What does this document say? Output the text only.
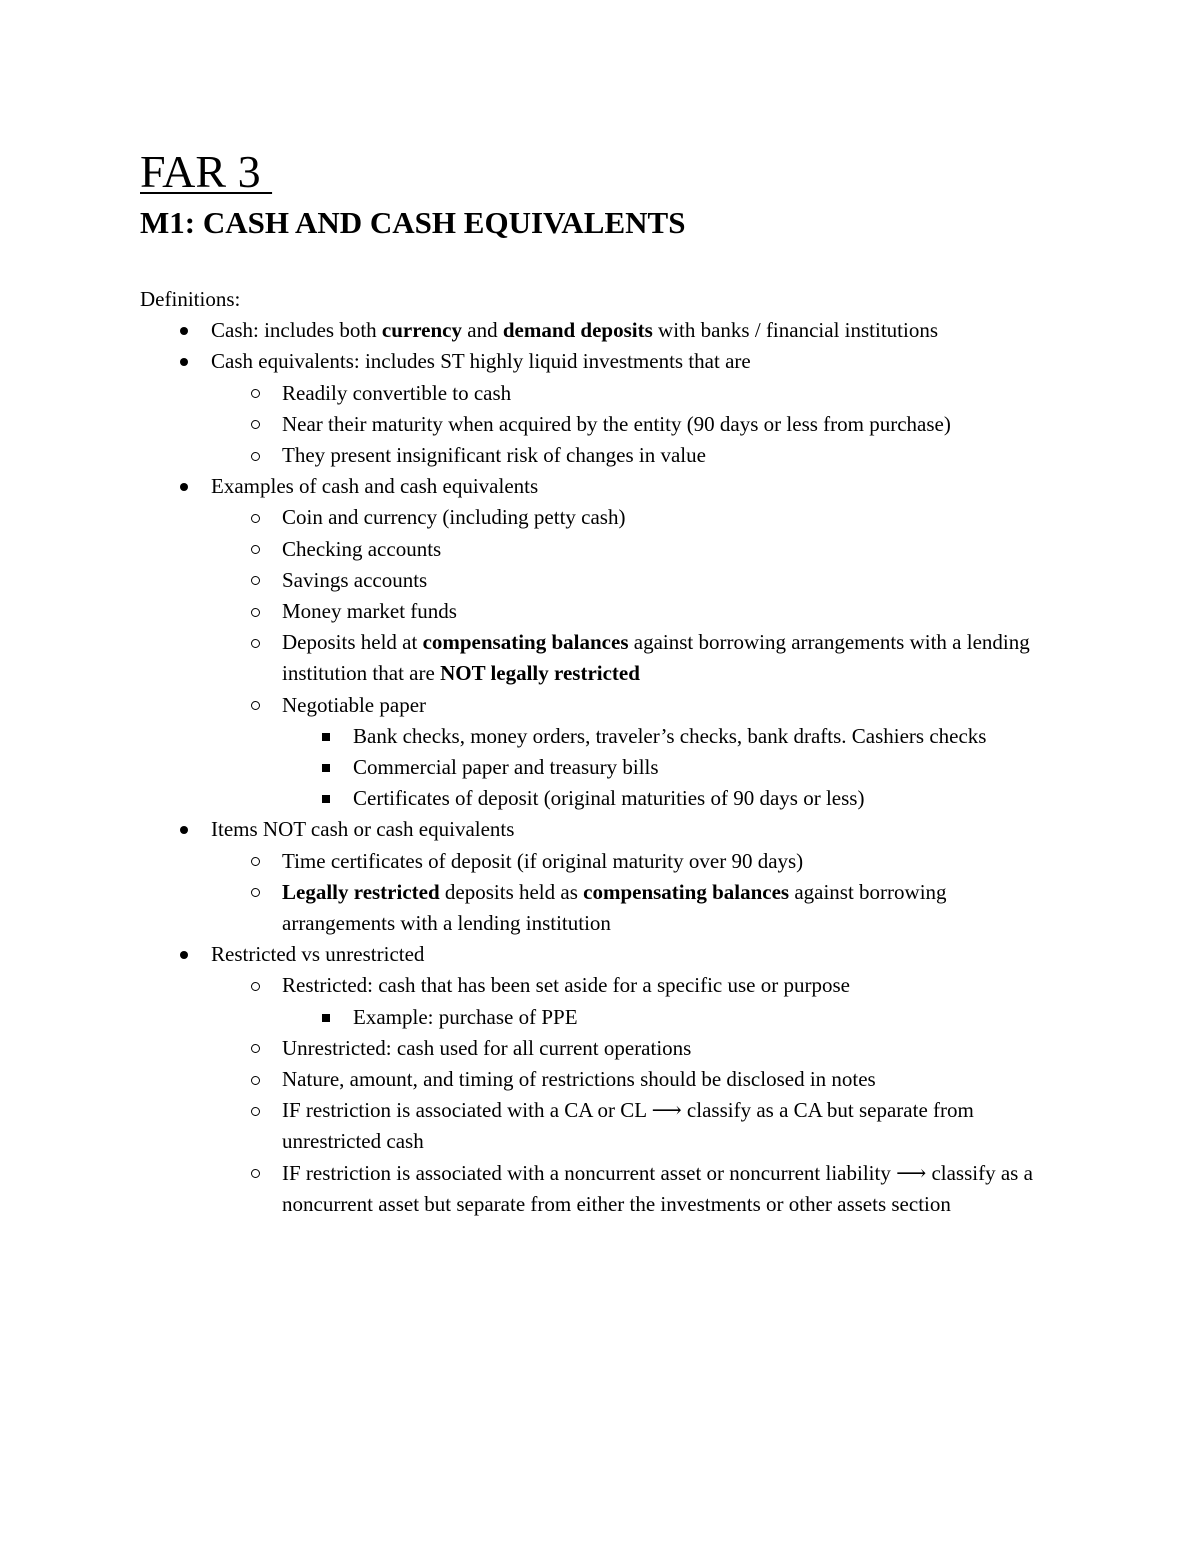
FAR 3
M1: CASH AND CASH EQUIVALENTS

Definitions:

Cash: includes both currency and demand deposits with banks / financial institutions
Cash equivalents: includes ST highly liquid investments that are
Readily convertible to cash
Near their maturity when acquired by the entity (90 days or less from purchase)
They present insignificant risk of changes in value
Examples of cash and cash equivalents
Coin and currency (including petty cash)
Checking accounts
Savings accounts
Money market funds
Deposits held at compensating balances against borrowing arrangements with a lending institution that are NOT legally restricted
Negotiable paper
Bank checks, money orders, traveler’s checks, bank drafts. Cashiers checks
Commercial paper and treasury bills
Certificates of deposit (original maturities of 90 days or less)
Items NOT cash or cash equivalents
Time certificates of deposit (if original maturity over 90 days)
Legally restricted deposits held as compensating balances against borrowing arrangements with a lending institution
Restricted vs unrestricted
Restricted: cash that has been set aside for a specific use or purpose
Example: purchase of PPE
Unrestricted: cash used for all current operations
Nature, amount, and timing of restrictions should be disclosed in notes
IF restriction is associated with a CA or CL ⟶ classify as a CA but separate from unrestricted cash
IF restriction is associated with a noncurrent asset or noncurrent liability ⟶ classify as a noncurrent asset but separate from either the investments or other assets section
